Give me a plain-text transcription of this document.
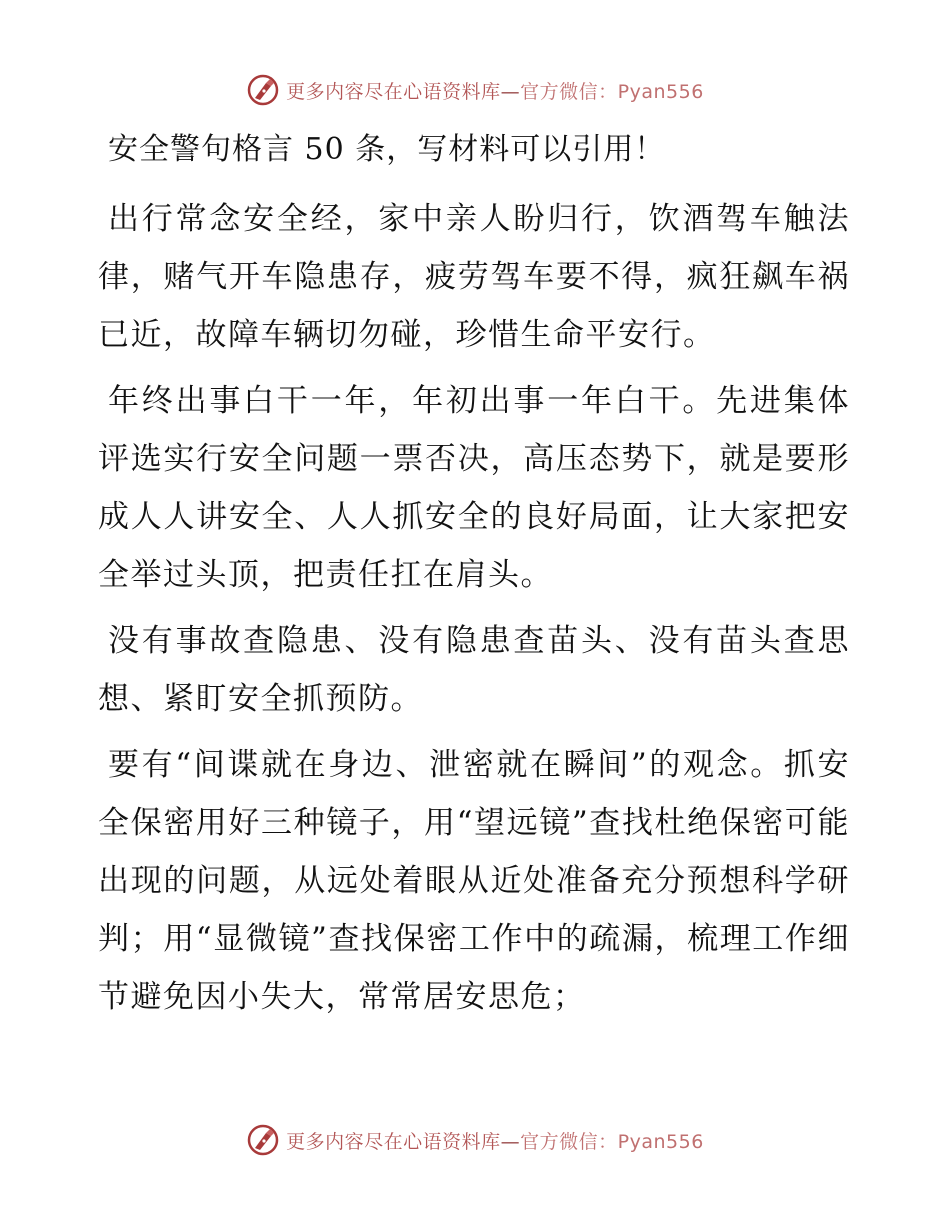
更多内容尽在心语资料库—官方微信：Pyan556
安全警句格言 50 条，写材料可以引用！

出行常念安全经，家中亲人盼归行，饮酒驾车触法律，赌气开车隐患存，疲劳驾车要不得，疯狂飙车祸已近，故障车辆切勿碰，珍惜生命平安行。

年终出事白干一年，年初出事一年白干。先进集体评选实行安全问题一票否决，高压态势下，就是要形成人人讲安全、人人抓安全的良好局面，让大家把安全举过头顶，把责任扛在肩头。

没有事故查隐患、没有隐患查苗头、没有苗头查思想、紧盯安全抓预防。

要有“间谍就在身边、泄密就在瞬间”的观念。抓安全保密用好三种镜子，用“望远镜”查找杜绝保密可能出现的问题，从远处着眼从近处准备充分预想科学研判；用“显微镜”查找保密工作中的疏漏，梳理工作细节避免因小失大，常常居安思危；

更多内容尽在心语资料库—官方微信：Pyan556
